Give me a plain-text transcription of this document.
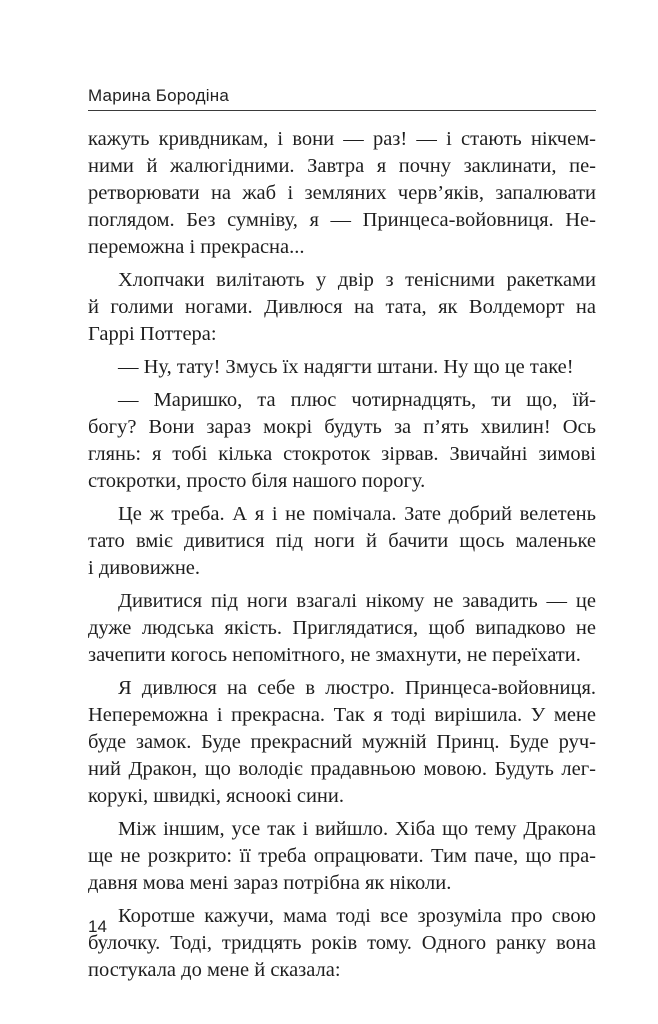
Марина Бородіна
кажуть кривдникам, і вони — раз! — і стають нікчем-
ними й жалюгідними. Завтра я почну заклинати, пе-
ретворювати на жаб і земляних черв’яків, запалювати
поглядом. Без сумніву, я — Принцеса-войовниця. Не-
переможна і прекрасна...
Хлопчаки вилітають у двір з тенісними ракетками
й голими ногами. Дивлюся на тата, як Волдеморт на
Гаррі Поттера:
— Ну, тату! Змусь їх надягти штани. Ну що це таке!
— Маришко, та плюс чотирнадцять, ти що, їй-
богу? Вони зараз мокрі будуть за п’ять хвилин! Ось
глянь: я тобі кілька стокроток зірвав. Звичайні зимові
стокротки, просто біля нашого порогу.
Це ж треба. А я і не помічала. Зате добрий велетень
тато вміє дивитися під ноги й бачити щось маленьке
і дивовижне.
Дивитися під ноги взагалі нікому не завадить — це
дуже людська якість. Приглядатися, щоб випадково не
зачепити когось непомітного, не змахнути, не переїхати.
Я дивлюся на себе в люстро. Принцеса-войовниця.
Непереможна і прекрасна. Так я тоді вирішила. У мене
буде замок. Буде прекрасний мужній Принц. Буде руч-
ний Дракон, що володіє прадавньою мовою. Будуть лег-
корукі, швидкі, ясноокі сини.
Між іншим, усе так і вийшло. Хіба що тему Дракона
ще не розкрито: її треба опрацювати. Тим паче, що пра-
давня мова мені зараз потрібна як ніколи.
Коротше кажучи, мама тоді все зрозуміла про свою
булочку. Тоді, тридцять років тому. Одного ранку вона
постукала до мене й сказала:
14
